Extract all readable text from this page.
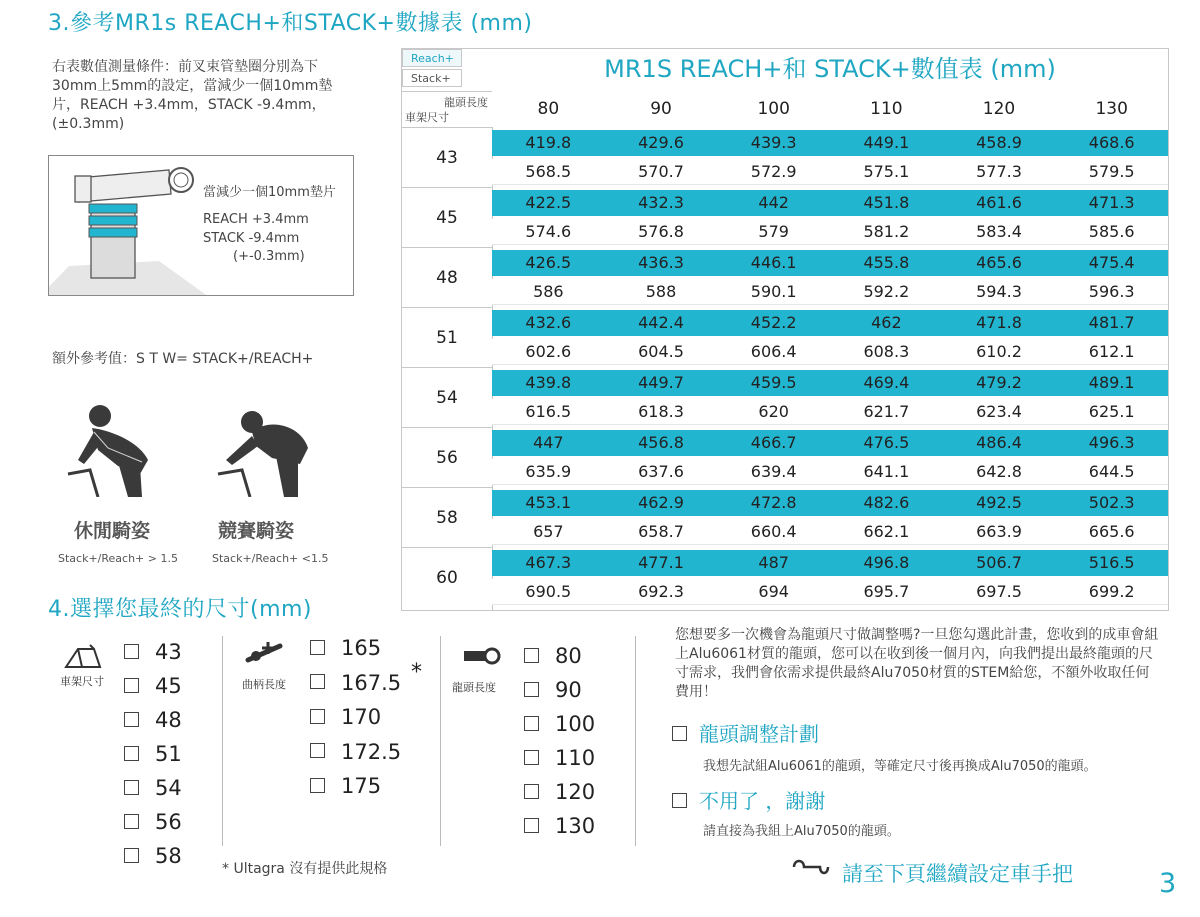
3.參考MR1s REACH+和STACK+數據表 (mm)
右表數值測量條件：前叉束管墊圈分別為下30mm上5mm的設定，當減少一個10mm墊片，REACH +3.4mm，STACK -9.4mm，(±0.3mm)
當減少一個10mm墊片
REACH +3.4mm
STACK -9.4mm
(+-0.3mm)
額外參考值：S T W= STACK+/REACH+
休閒騎姿	競賽騎姿
Stack+/Reach+ > 1.5	Stack+/Reach+ <1.5
Reach+
Stack+	MR1S REACH+和 STACK+數值表 (mm)
龍頭長度
車架尺寸	80	90	100	110	120	130
43
419.8	429.6	439.3	449.1	458.9	468.6
568.5	570.7	572.9	575.1	577.3	579.5
45
422.5	432.3	442	451.8	461.6	471.3
574.6	576.8	579	581.2	583.4	585.6
48
426.5	436.3	446.1	455.8	465.6	475.4
586	588	590.1	592.2	594.3	596.3
51
432.6	442.4	452.2	462	471.8	481.7
602.6	604.5	606.4	608.3	610.2	612.1
54
439.8	449.7	459.5	469.4	479.2	489.1
616.5	618.3	620	621.7	623.4	625.1
56
447	456.8	466.7	476.5	486.4	496.3
635.9	637.6	639.4	641.1	642.8	644.5
58
453.1	462.9	472.8	482.6	492.5	502.3
657	658.7	660.4	662.1	663.9	665.6
60
467.3	477.1	487	496.8	506.7	516.5
690.5	692.3	694	695.7	697.5	699.2
4.選擇您最終的尺寸(mm)
車架尺寸
43
45
48
51
54
56
58
曲柄長度
165
167.5
170
172.5
175
*
龍頭長度
80
90
100
110
120
130
* Ultagra 沒有提供此規格
您想要多一次機會為龍頭尺寸做調整嗎?一旦您勾選此計畫，您收到的成車會組上Alu6061材質的龍頭，您可以在收到後一個月內，向我們提出最終龍頭的尺寸需求，我們會依需求提供最終Alu7050材質的STEM給您，不額外收取任何費用！
龍頭調整計劃
我想先試組Alu6061的龍頭，等確定尺寸後再換成Alu7050的龍頭。
不用了 ，謝謝
請直接為我組上Alu7050的龍頭。
請至下頁繼續設定車手把	3
